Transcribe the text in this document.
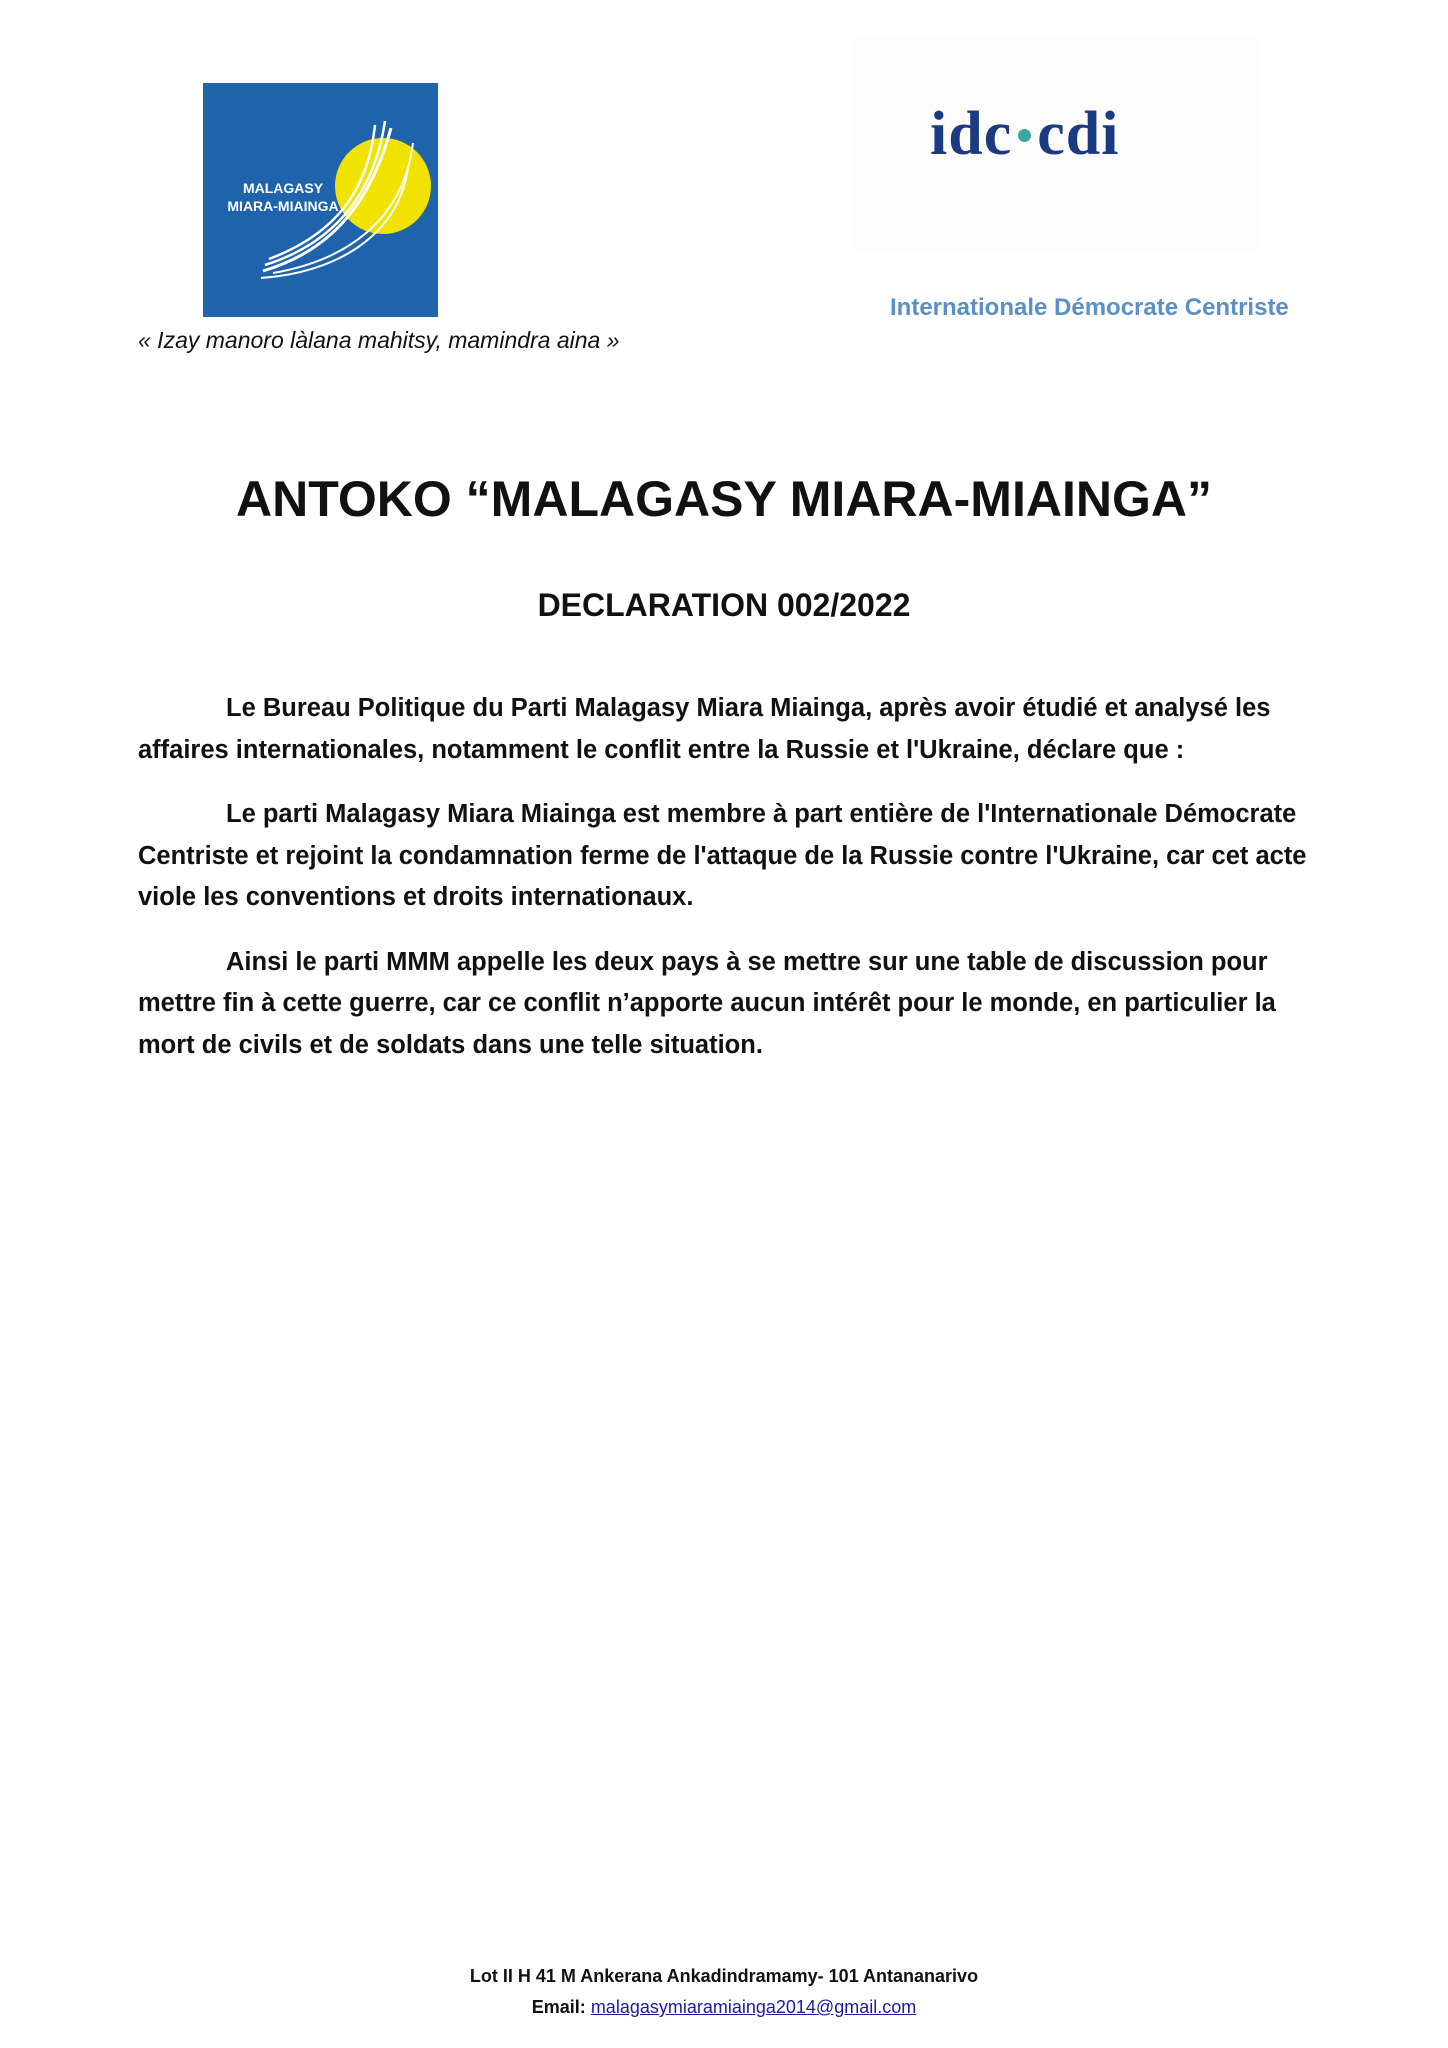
MALAGASY
MIARA-MIAINGA
« Izay manoro làlana mahitsy, mamindra aina »
idc cdi
Internationale Démocrate Centriste
ANTOKO “MALAGASY MIARA-MIAINGA”
DECLARATION 002/2022

Le Bureau Politique du Parti Malagasy Miara Miainga, après avoir étudié et analysé les affaires internationales, notamment le conflit entre la Russie et l'Ukraine, déclare que :

Le parti Malagasy Miara Miainga est membre à part entière de l'Internationale Démocrate Centriste et rejoint la condamnation ferme de l'attaque de la Russie contre l'Ukraine, car cet acte viole les conventions et droits internationaux.

Ainsi le parti MMM appelle les deux pays à se mettre sur une table de discussion pour mettre fin à cette guerre, car ce conflit n’apporte aucun intérêt pour le monde, en particulier la mort de civils et de soldats dans une telle situation.

Lot II H 41 M Ankerana Ankadindramamy- 101 Antananarivo
Email: malagasymiaramiainga2014@gmail.com
